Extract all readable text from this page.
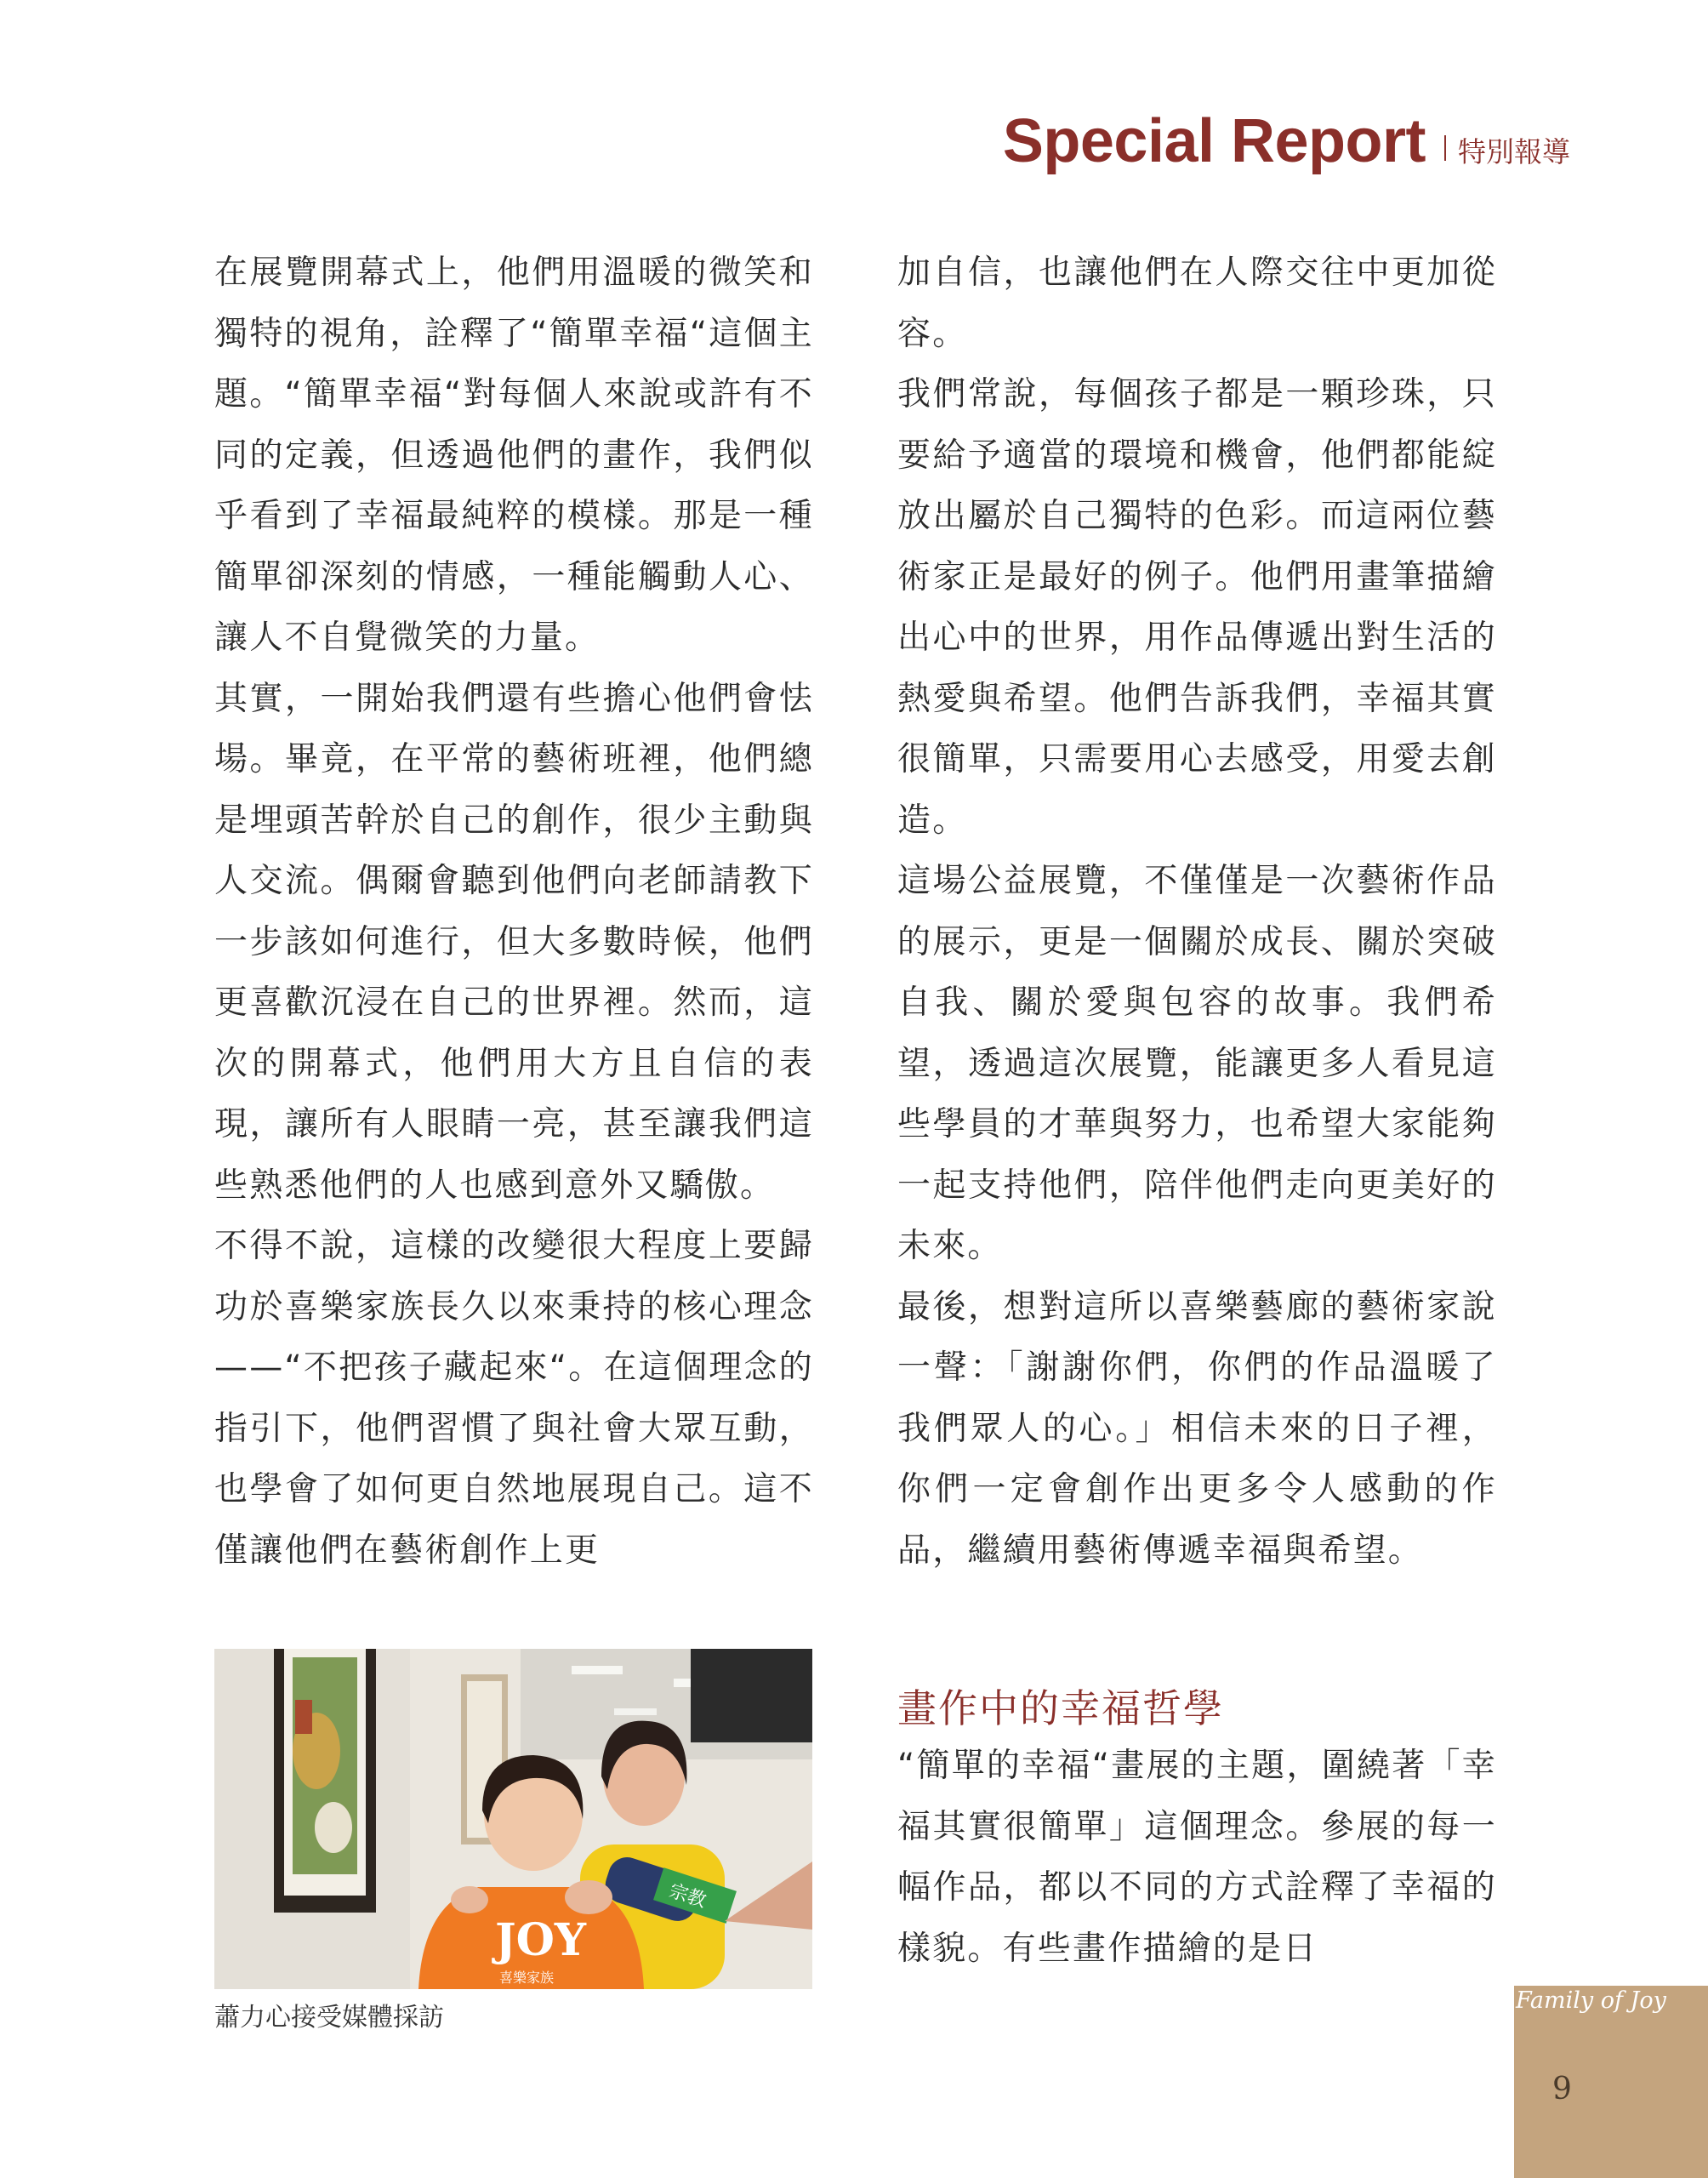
Special Report 特別報導

在展覽開幕式上，他們用溫暖的微笑和獨特的視角，詮釋了“簡單幸福“這個主題。“簡單幸福“對每個人來說或許有不同的定義，但透過他們的畫作，我們似乎看到了幸福最純粹的模樣。那是一種簡單卻深刻的情感，一種能觸動人心、讓人不自覺微笑的力量。

其實，一開始我們還有些擔心他們會怯場。畢竟，在平常的藝術班裡，他們總是埋頭苦幹於自己的創作，很少主動與人交流。偶爾會聽到他們向老師請教下一步該如何進行，但大多數時候，他們更喜歡沉浸在自己的世界裡。然而，這次的開幕式，他們用大方且自信的表現，讓所有人眼睛一亮，甚至讓我們這些熟悉他們的人也感到意外又驕傲。

不得不說，這樣的改變很大程度上要歸功於喜樂家族長久以來秉持的核心理念——“不把孩子藏起來“。在這個理念的指引下，他們習慣了與社會大眾互動，也學會了如何更自然地展現自己。這不僅讓他們在藝術創作上更

加自信，也讓他們在人際交往中更加從容。

我們常說，每個孩子都是一顆珍珠，只要給予適當的環境和機會，他們都能綻放出屬於自己獨特的色彩。而這兩位藝術家正是最好的例子。他們用畫筆描繪出心中的世界，用作品傳遞出對生活的熱愛與希望。他們告訴我們，幸福其實很簡單，只需要用心去感受，用愛去創造。

這場公益展覽，不僅僅是一次藝術作品的展示，更是一個關於成長、關於突破自我、關於愛與包容的故事。我們希望，透過這次展覽，能讓更多人看見這些學員的才華與努力，也希望大家能夠一起支持他們，陪伴他們走向更美好的未來。

最後，想對這所以喜樂藝廊的藝術家說一聲：「謝謝你們，你們的作品溫暖了我們眾人的心。」相信未來的日子裡，你們一定會創作出更多令人感動的作品，繼續用藝術傳遞幸福與希望。

畫作中的幸福哲學

“簡單的幸福“畫展的主題，圍繞著「幸福其實很簡單」這個理念。參展的每一幅作品，都以不同的方式詮釋了幸福的樣貌。有些畫作描繪的是日

宗教
JOY
喜樂家族
蕭力心接受媒體採訪
Family of Joy
9
